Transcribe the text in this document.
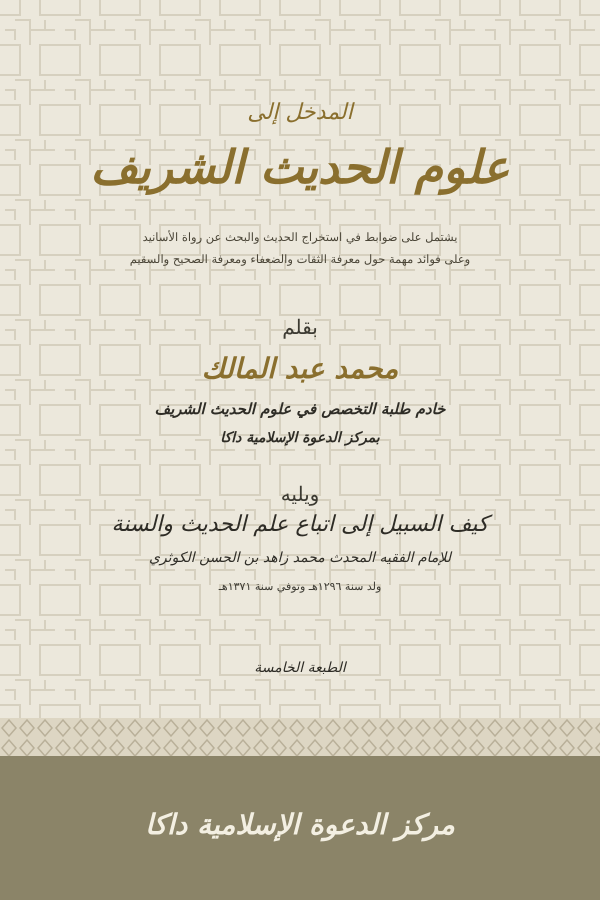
المدخل إلى
علوم الحديث الشريف
يشتمل على ضوابط في استخراج الحديث والبحث عن رواة الأسانيد
وعلى فوائد مهمة حول معرفة الثقات والضعفاء ومعرفة الصحيح والسقيم
بقلم
محمد عبد المالك
خادم طلبة التخصص في علوم الحديث الشريف
بمركز الدعوة الإسلامية داكا
ويليه
كيف السبيل إلى اتباع علم الحديث والسنة
للإمام الفقيه المحدث محمد زاهد بن الحسن الكوثري
ولد سنة ١٢٩٦هـ وتوفي سنة ١٣٧١هـ
الطبعة الخامسة
مركز الدعوة الإسلامية داكا
